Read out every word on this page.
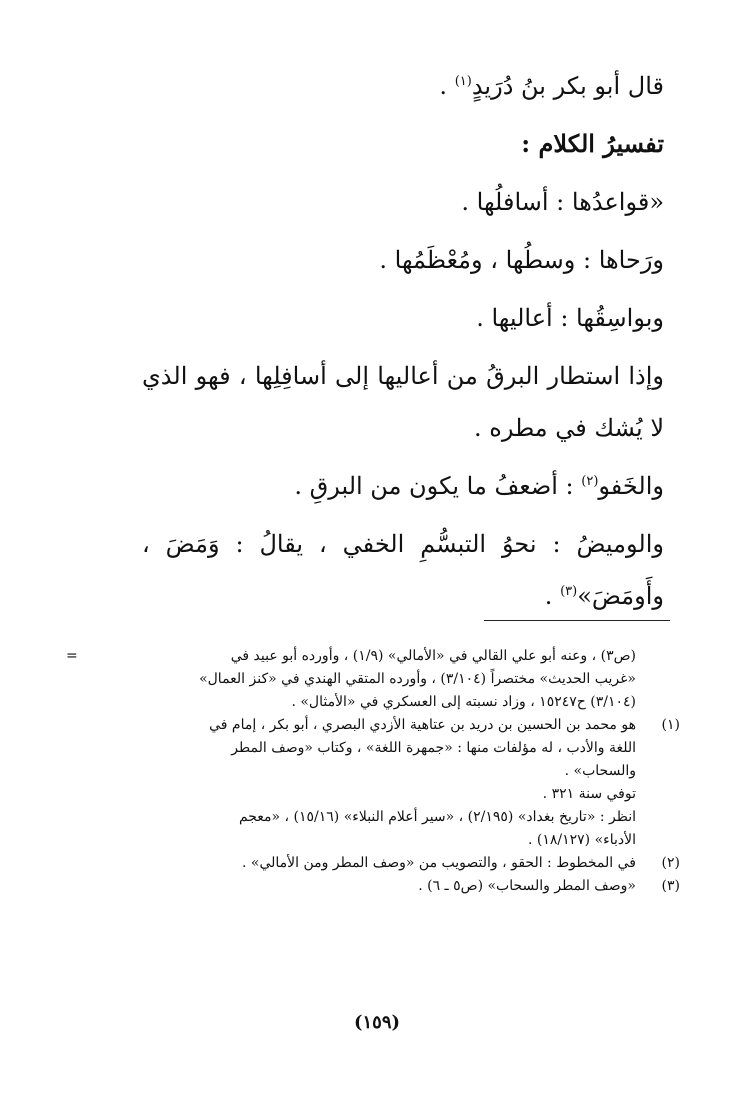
قال أبو بكر بنُ دُرَيدٍ$^{(١)}$ .

تفسيرُ الكلام :

«قواعدُها : أسافلُها .

ورَحاها : وسطُها ، ومُعْظَمُها .

وبواسِقُها : أعاليها .

وإذا استطار البرقُ من أعاليها إلى أسافِلِها ، فهو الذي لا يُشك في مطره .

والخَفو$^{(٢)}$ : أضعفُ ما يكون من البرقِ .

والوميضُ : نحوُ التبسُّمِ الخفي ، يقالُ : وَمَضَ ، وأَومَضَ»$^{(٣)}$ .

(ص٣) ، وعنه أبو علي القالي في «الأمالي» (١/٩) ، وأورده أبو عبيد في
«غريب الحديث» مختصراً (٣/١٠٤) ، وأورده المتقي الهندي في «كنز العمال»
(٣/١٠٤) ح١٥٢٤٧ ، وزاد نسبته إلى العسكري في «الأمثال» .
=
(١)
هو محمد بن الحسين بن دريد بن عتاهية الأزدي البصري ، أبو بكر ، إمام في
اللغة والأدب ، له مؤلفات منها : «جمهرة اللغة» ، وكتاب «وصف المطر
والسحاب» .
توفي سنة ٣٢١ .
انظر : «تاريخ بغداد» (٢/١٩٥) ، «سير أعلام النبلاء» (١٥/١٦) ، «معجم
الأدباء» (١٨/١٢٧) .
(٢)
في المخطوط : الحقو ، والتصويب من «وصف المطر ومن الأمالي» .
(٣)
«وصف المطر والسحاب» (ص٥ ـ ٦) .
(١٥٩)
